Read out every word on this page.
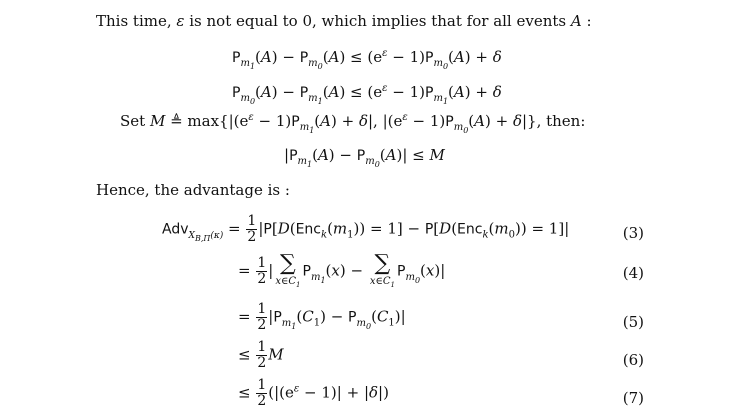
This time, ε is not equal to 0, which implies that for all events A :
$P_{m_1}(A) - P_{m_0}(A) \le (e^\varepsilon - 1)P_{m_0}(A) + \delta$
$P_{m_0}(A) - P_{m_1}(A) \le (e^\varepsilon - 1)P_{m_1}(A) + \delta$
Set M ≜ $\max\{|(e^\varepsilon - 1)P_{m_1}(A) + \delta|$, $|(e^\varepsilon - 1)P_{m_0}(A) + \delta|$}, then:
$|P_{m_1}(A) - P_{m_0}(A)| \le M$
Hence, the advantage is :
$Adv_{XB,\Pi(\kappa)} = \frac{1}{2} |P[D(Enc_k(m_1)) = 1] - P[D(Enc_k(m_0)) = 1]|$	(3)
= $\frac{1}{2}$ | ∑
$x\in C_1$
$P_{m_1}(x)$ − ∑
$x\in C_1$
$P_{m_0}(x)|$	(4)
= $\frac{1}{2} |P_{m_1}(C_1) - P_{m_0}(C_1)|$	(5)
≤ $\frac{1}{2}$ M	(6)
≤ $\frac{1}{2} (|(e^\varepsilon - 1)| + |\delta|)$	(7)
